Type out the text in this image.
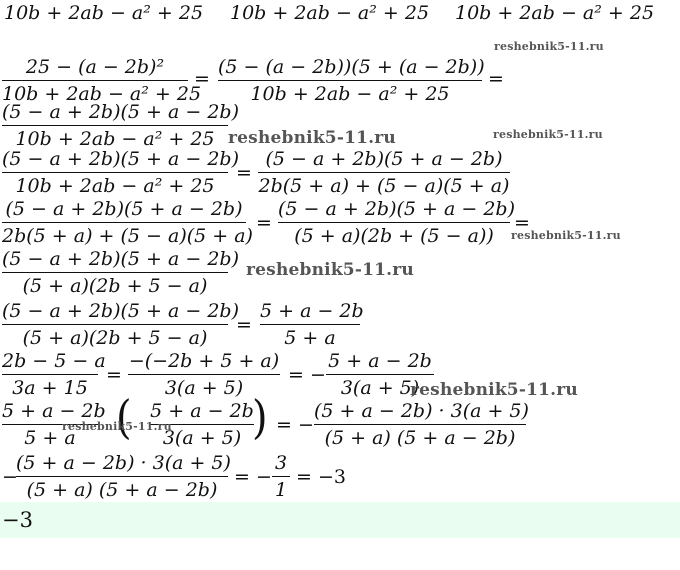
10b + 2ab − a² + 25 10b + 2ab − a² + 25 10b + 2ab − a² + 25
25 − (a − 2b)²
10b + 2ab − a² + 25
=
(5 − (a − 2b))(5 + (a − 2b))
10b + 2ab − a² + 25
=
reshebnik5-11.ru
(5 − a + 2b)(5 + a − 2b)
10b + 2ab − a² + 25 reshebnik5-11.ru	reshebnik5-11.ru
(5 − a + 2b)(5 + a − 2b)
10b + 2ab − a² + 25
=
(5 − a + 2b)(5 + a − 2b)
2b(5 + a) + (5 − a)(5 + a)
(5 − a + 2b)(5 + a − 2b)
2b(5 + a) + (5 − a)(5 + a)
=
(5 − a + 2b)(5 + a − 2b)
(5 + a)(2b + (5 − a))
=
reshebnik5-11.ru
(5 − a + 2b)(5 + a − 2b)
(5 + a)(2b + 5 − a)
reshebnik5-11.ru
(5 − a + 2b)(5 + a − 2b)
(5 + a)(2b + 5 − a)
=
5 + a − 2b
5 + a
2b − 5 − a
3a + 15
=
−(−2b + 5 + a)
3(a + 5)
= −
5 + a − 2b
3(a + 5)
reshebnik5-11.ru
5 + a − 2b
5 + a	( 5 + a − 2b
3(a + 5) )
reshebnik5-11.ru	= −
(5 + a − 2b) · 3(a + 5)
(5 + a) (5 + a − 2b)
−
(5 + a − 2b) · 3(a + 5)
(5 + a) (5 + a − 2b)
= −
3
1
= −3
−3
